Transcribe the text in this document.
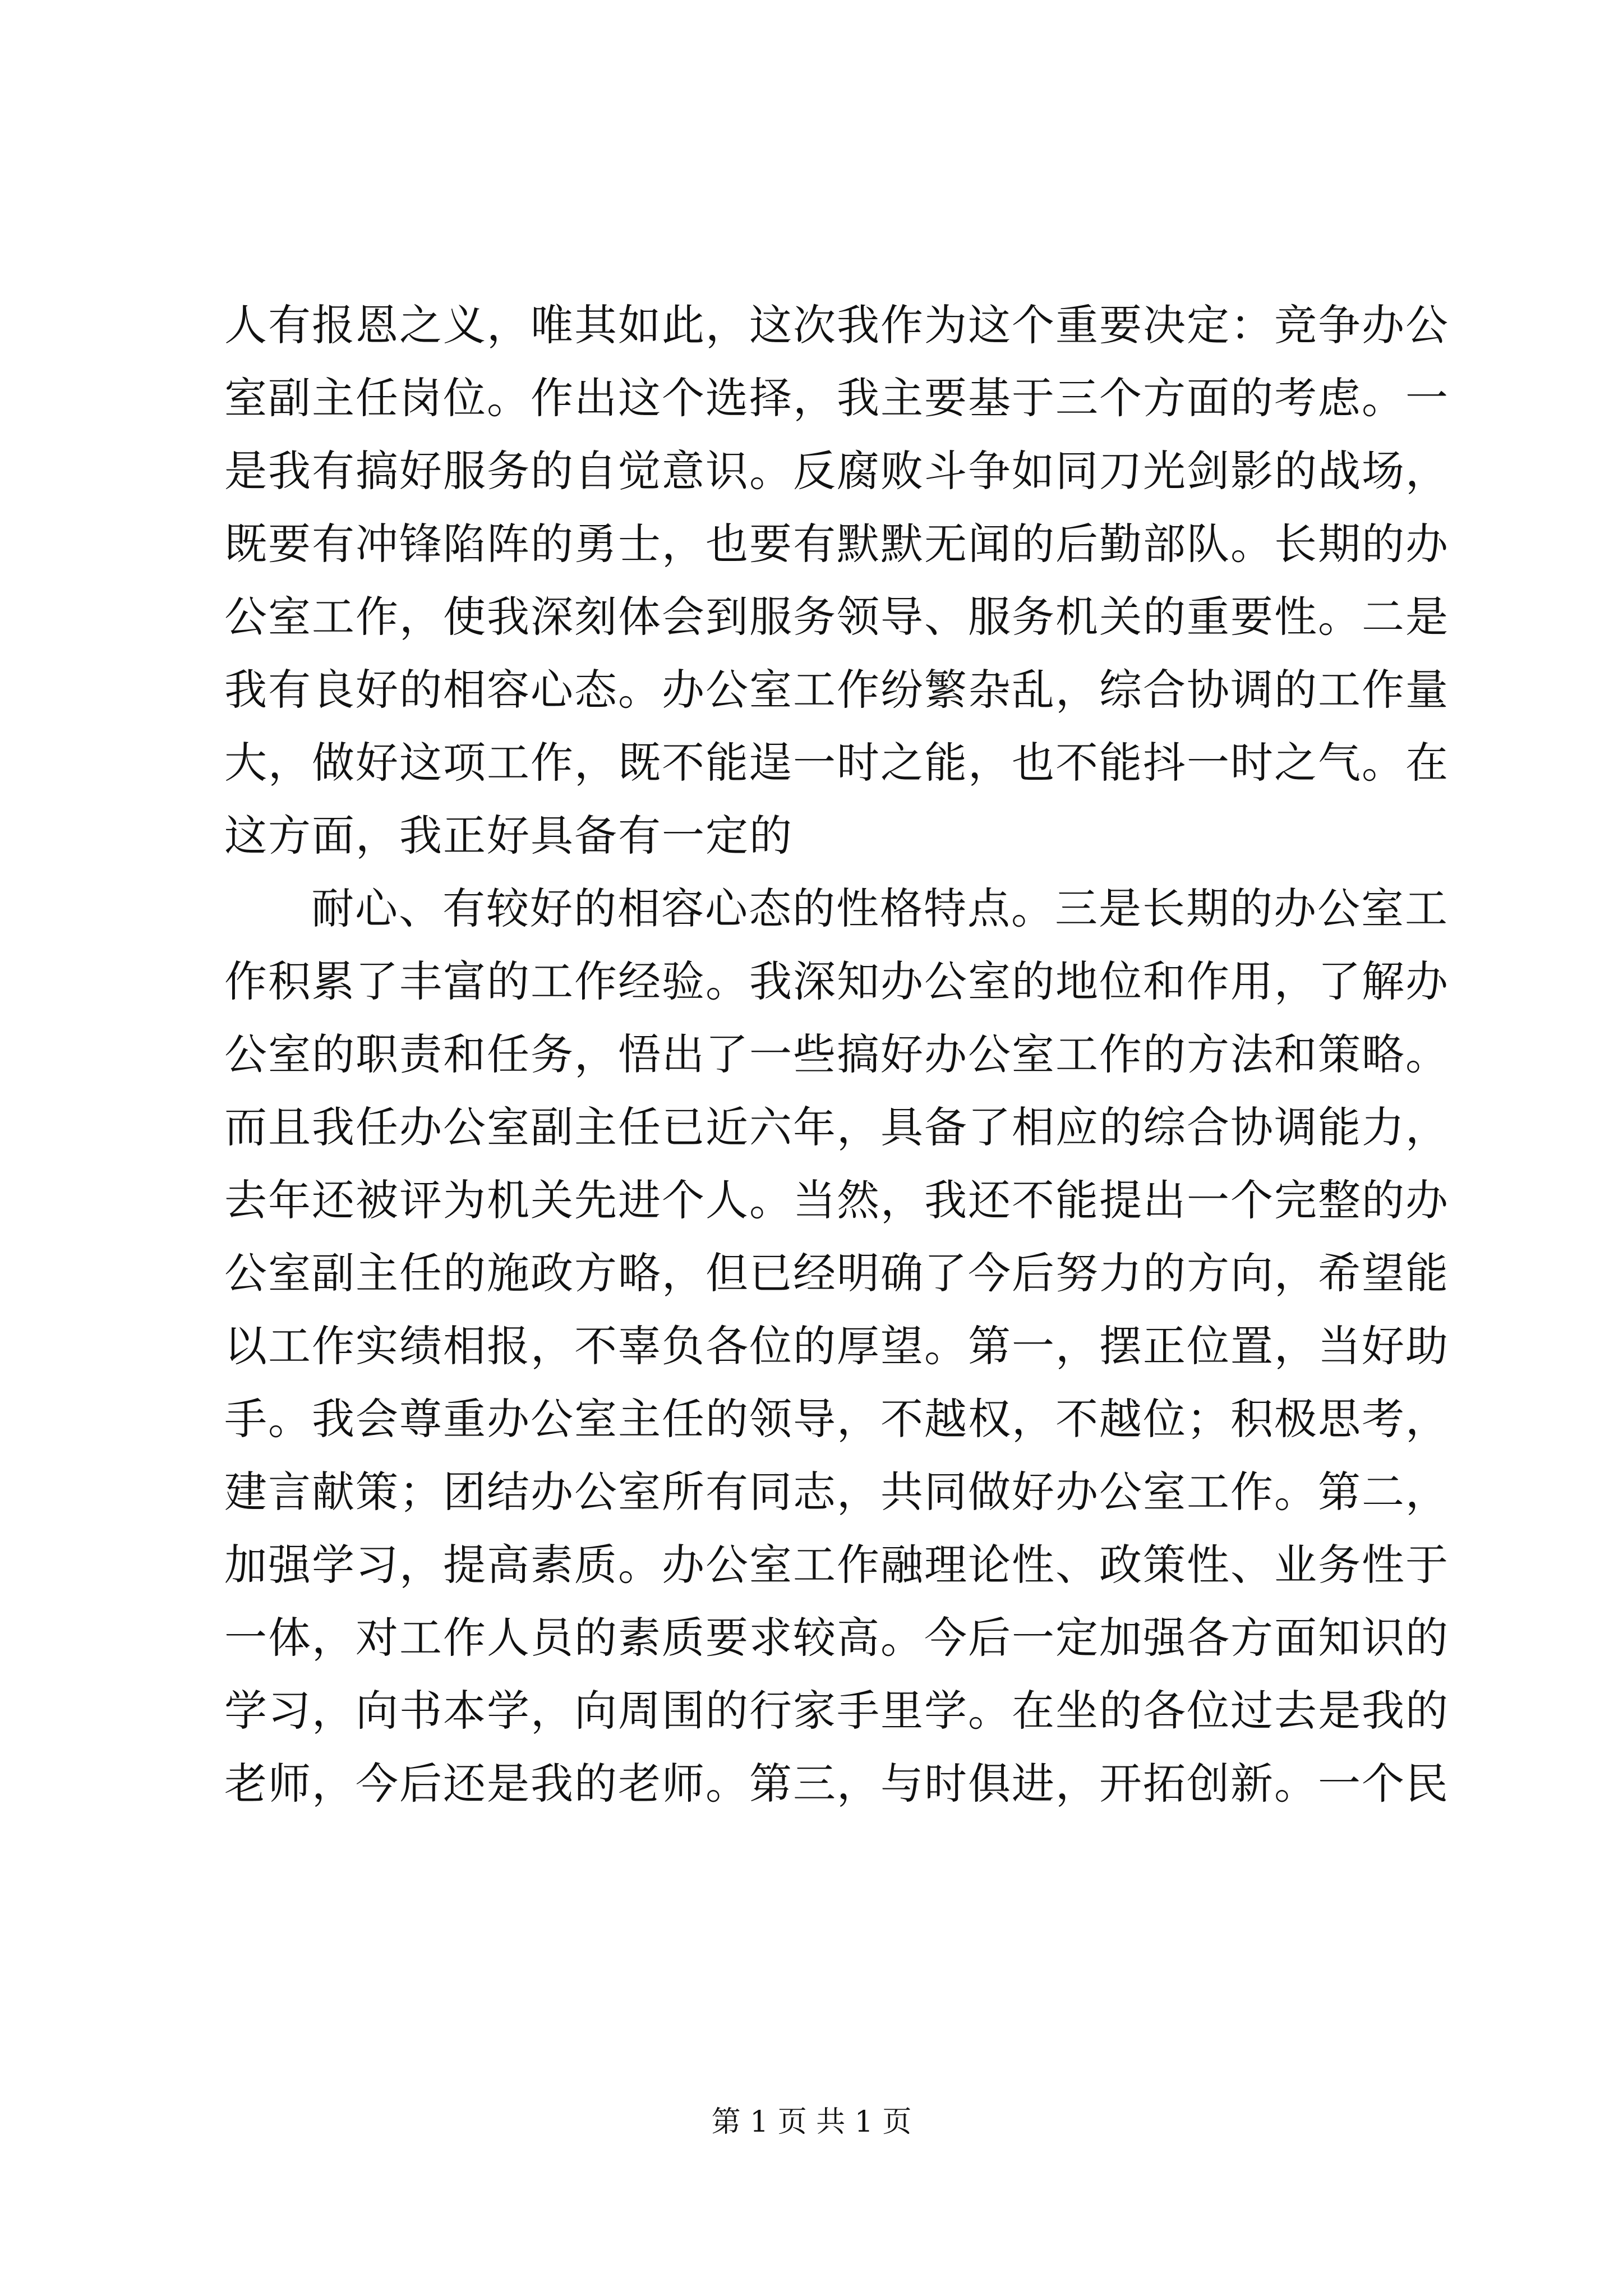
人有报恩之义，唯其如此，这次我作为这个重要决定：竞争办公
室副主任岗位。作出这个选择，我主要基于三个方面的考虑。一
是我有搞好服务的自觉意识。反腐败斗争如同刀光剑影的战场，
既要有冲锋陷阵的勇士，也要有默默无闻的后勤部队。长期的办
公室工作，使我深刻体会到服务领导、服务机关的重要性。二是
我有良好的相容心态。办公室工作纷繁杂乱，综合协调的工作量
大，做好这项工作，既不能逞一时之能，也不能抖一时之气。在
这方面，我正好具备有一定的
耐心、有较好的相容心态的性格特点。三是长期的办公室工
作积累了丰富的工作经验。我深知办公室的地位和作用，了解办
公室的职责和任务，悟出了一些搞好办公室工作的方法和策略。
而且我任办公室副主任已近六年，具备了相应的综合协调能力，
去年还被评为机关先进个人。当然，我还不能提出一个完整的办
公室副主任的施政方略，但已经明确了今后努力的方向，希望能
以工作实绩相报，不辜负各位的厚望。第一，摆正位置，当好助
手。我会尊重办公室主任的领导，不越权，不越位；积极思考，
建言献策；团结办公室所有同志，共同做好办公室工作。第二，
加强学习，提高素质。办公室工作融理论性、政策性、业务性于
一体，对工作人员的素质要求较高。今后一定加强各方面知识的
学习，向书本学，向周围的行家手里学。在坐的各位过去是我的
老师，今后还是我的老师。第三，与时俱进，开拓创新。一个民
第 1 页 共 1 页
